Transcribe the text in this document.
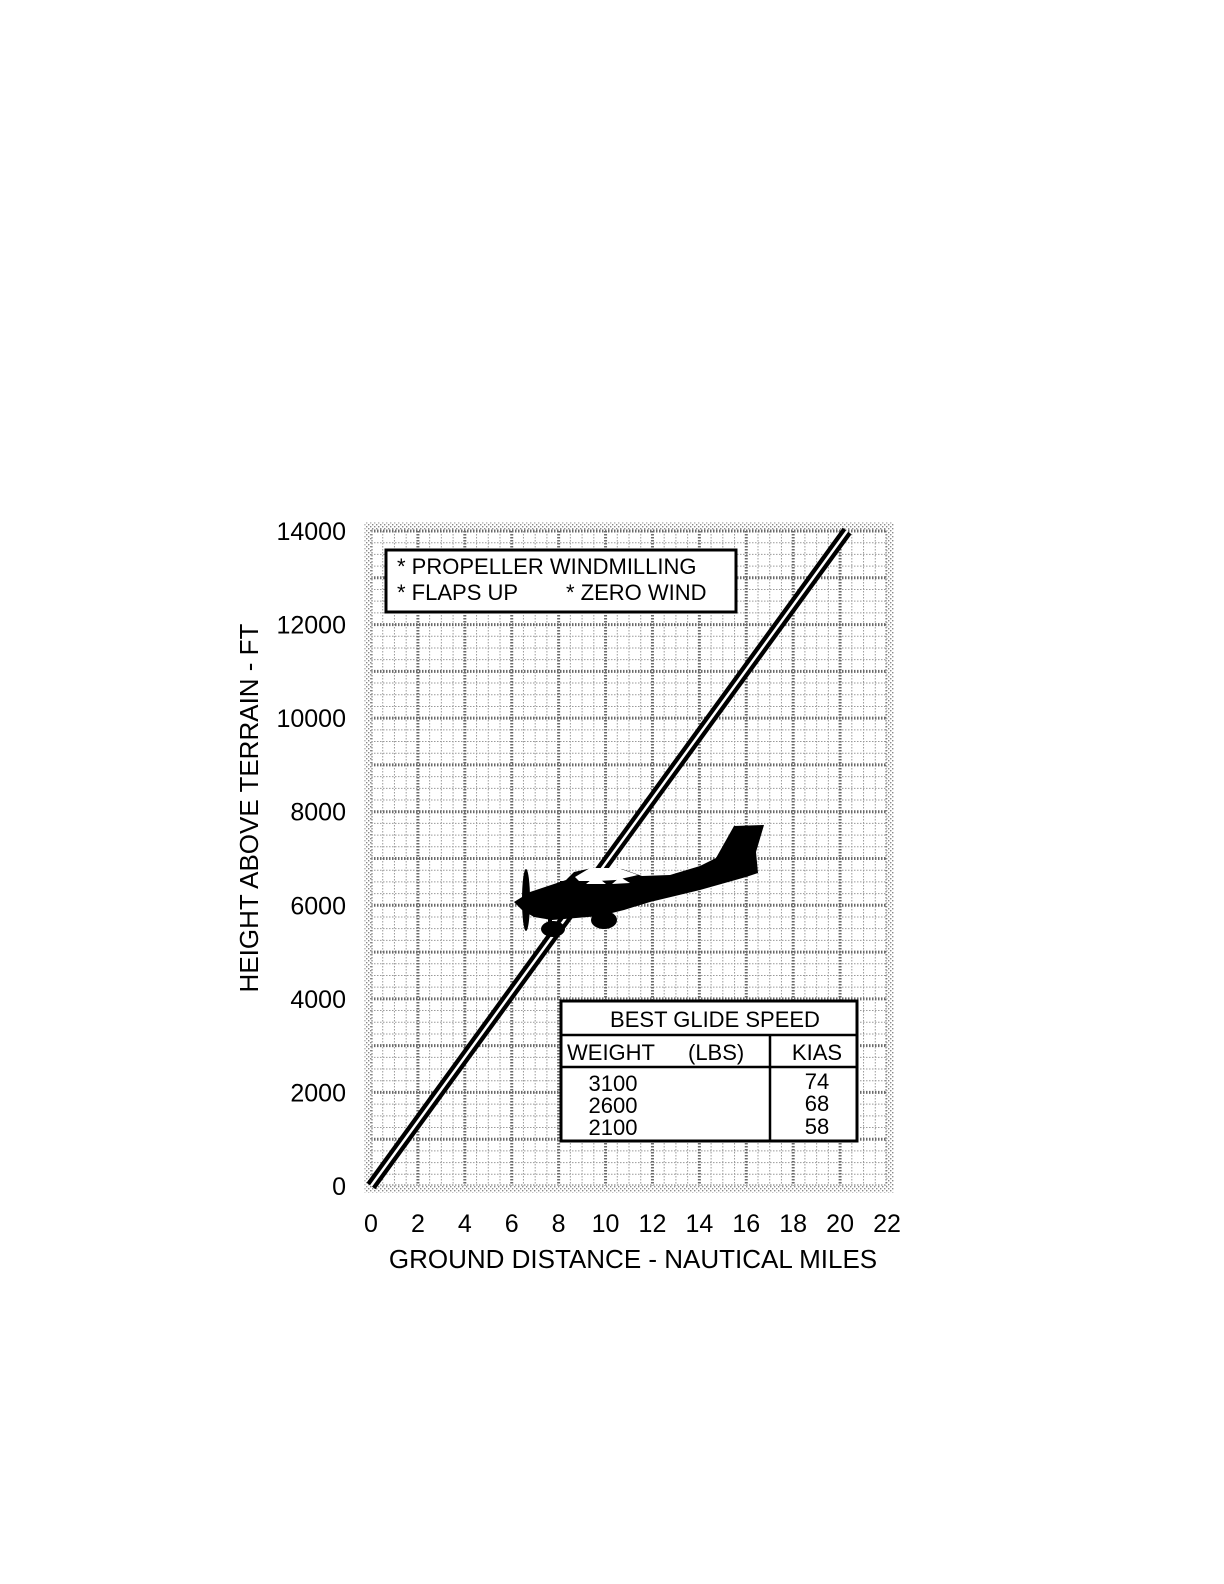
* PROPELLER WINDMILLING
* FLAPS UP * ZERO WIND
BEST GLIDE SPEED
WEIGHT (LBS) KIAS
3100	74
2600	68
2100	58
0 2 4 6 8 10 12 14 16 18 20 22
0
2000
4000
6000
8000
10000
12000
14000
GROUND DISTANCE - NAUTICAL MILES
HEIGHT ABOVE TERRAIN - FT
